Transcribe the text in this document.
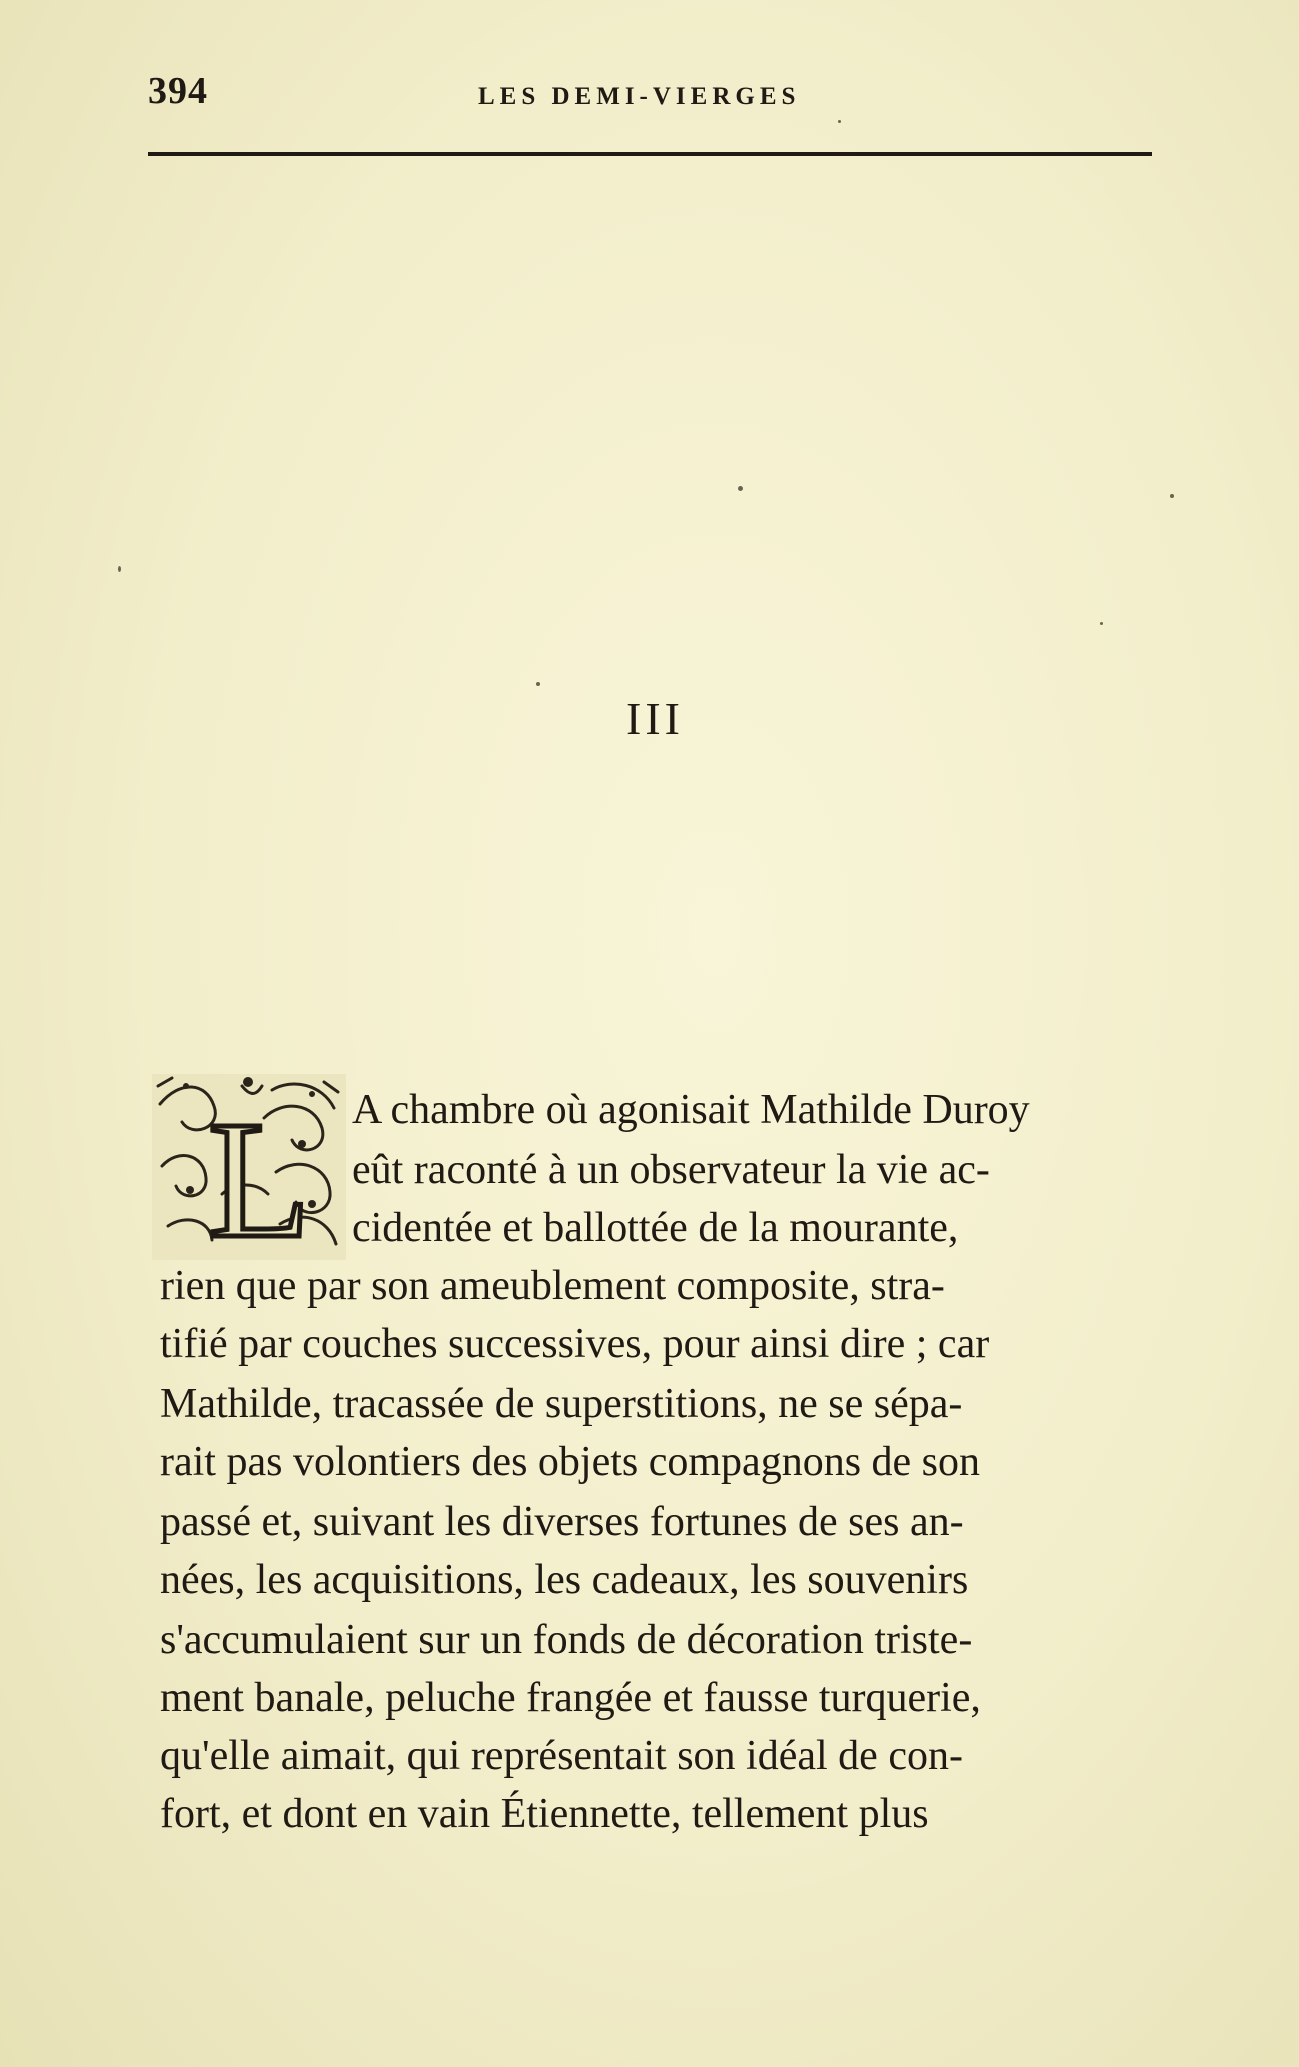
394	LES DEMI-VIERGES
III
L A chambre où agonisait Mathilde Duroy
eût raconté à un observateur la vie ac-
cidentée et ballottée de la mourante,
rien que par son ameublement composite, stra-
tifié par couches successives, pour ainsi dire ; car
Mathilde, tracassée de superstitions, ne se sépa-
rait pas volontiers des objets compagnons de son
passé et, suivant les diverses fortunes de ses an-
nées, les acquisitions, les cadeaux, les souvenirs
s'accumulaient sur un fonds de décoration triste-
ment banale, peluche frangée et fausse turquerie,
qu'elle aimait, qui représentait son idéal de con-
fort, et dont en vain Étiennette, tellement plus
